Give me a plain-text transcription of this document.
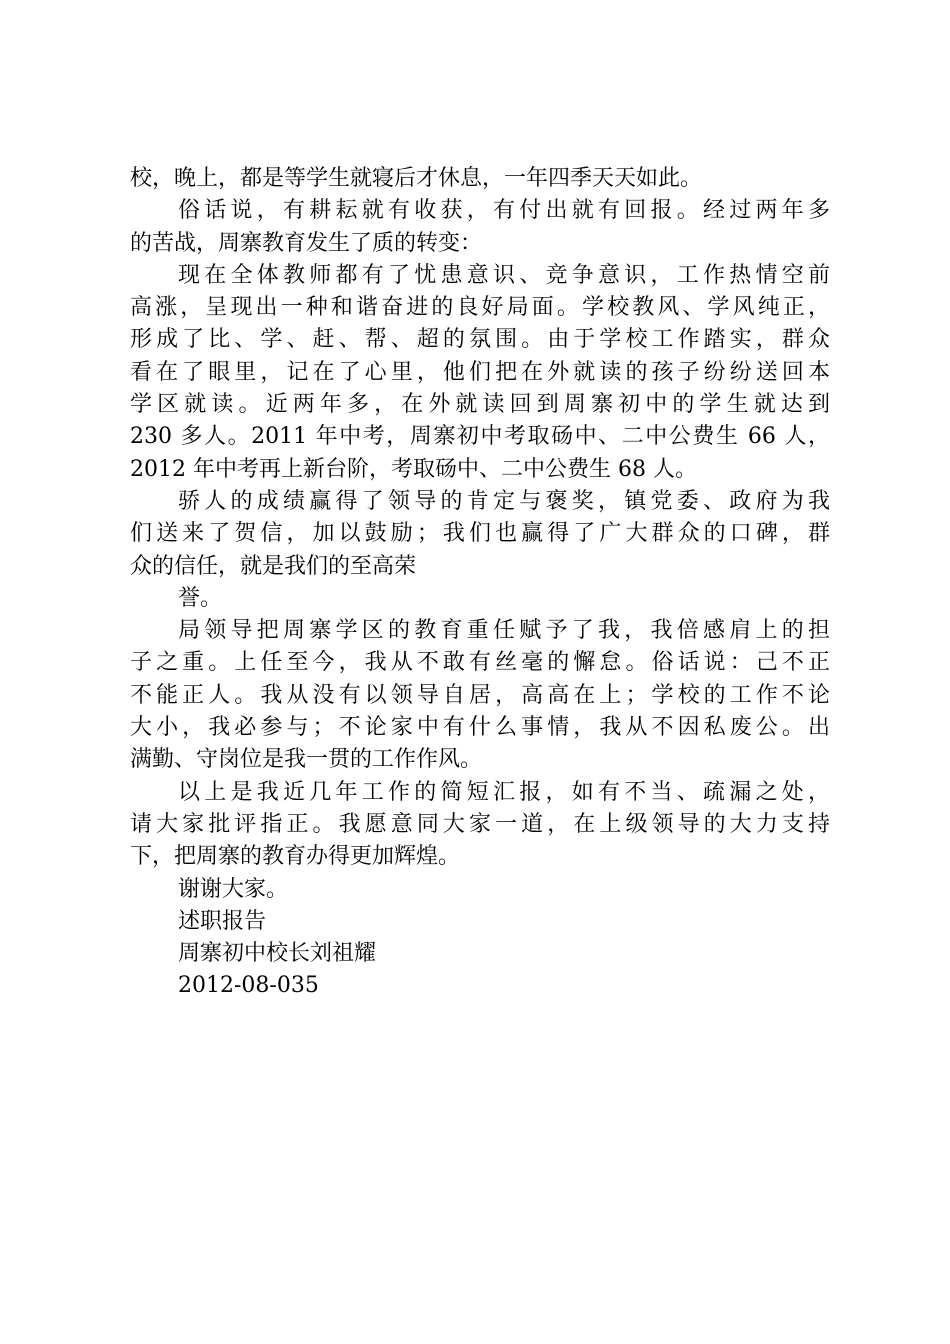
校，晚上，都是等学生就寝后才休息，一年四季天天如此。
俗话说，有耕耘就有收获，有付出就有回报。经过两年多
的苦战，周寨教育发生了质的转变：
现在全体教师都有了忧患意识、竞争意识，工作热情空前
高涨，呈现出一种和谐奋进的良好局面。学校教风、学风纯正，
形成了比、学、赶、帮、超的氛围。由于学校工作踏实，群众
看在了眼里，记在了心里，他们把在外就读的孩子纷纷送回本
学区就读。近两年多，在外就读回到周寨初中的学生就达到
230 多人。2011 年中考，周寨初中考取砀中、二中公费生 66 人，
2012 年中考再上新台阶，考取砀中、二中公费生 68 人。
骄人的成绩赢得了领导的肯定与褒奖，镇党委、政府为我
们送来了贺信，加以鼓励；我们也赢得了广大群众的口碑，群
众的信任，就是我们的至高荣
誉。
局领导把周寨学区的教育重任赋予了我，我倍感肩上的担
子之重。上任至今，我从不敢有丝毫的懈怠。俗话说：己不正
不能正人。我从没有以领导自居，高高在上；学校的工作不论
大小，我必参与；不论家中有什么事情，我从不因私废公。出
满勤、守岗位是我一贯的工作作风。
以上是我近几年工作的简短汇报，如有不当、疏漏之处，
请大家批评指正。我愿意同大家一道，在上级领导的大力支持
下，把周寨的教育办得更加辉煌。
谢谢大家。
述职报告
周寨初中校长刘祖耀
2012-08-035
